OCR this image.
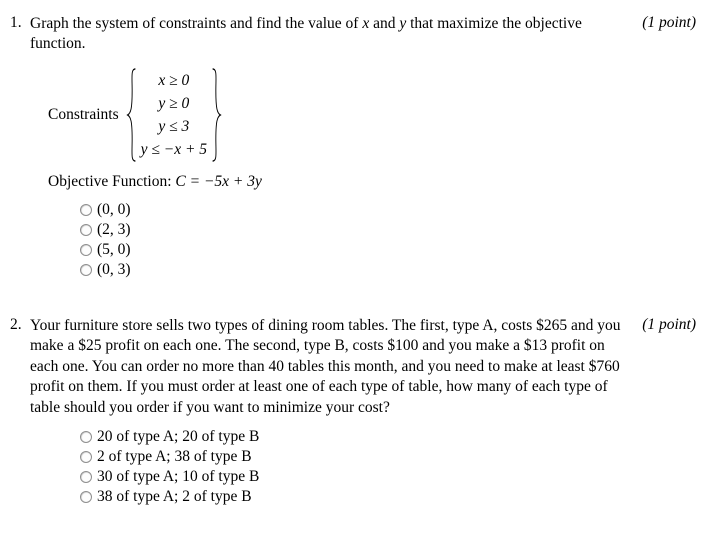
1. Graph the system of constraints and find the value of x and y that maximize the objective function.
Constraints
x ≥ 0
y ≥ 0
y ≤ 3
y ≤ −x + 5
Objective Function: C = −5x + 3y
(0, 0)
(2, 3)
(5, 0)
(0, 3)
(1 point)
2. Your furniture store sells two types of dining room tables. The first, type A, costs $265 and you make a $25 profit on each one. The second, type B, costs $100 and you make a $13 profit on each one. You can order no more than 40 tables this month, and you need to make at least $760 profit on them. If you must order at least one of each type of table, how many of each type of table should you order if you want to minimize your cost?
20 of type A; 20 of type B
2 of type A; 38 of type B
30 of type A; 10 of type B
38 of type A; 2 of type B
(1 point)
